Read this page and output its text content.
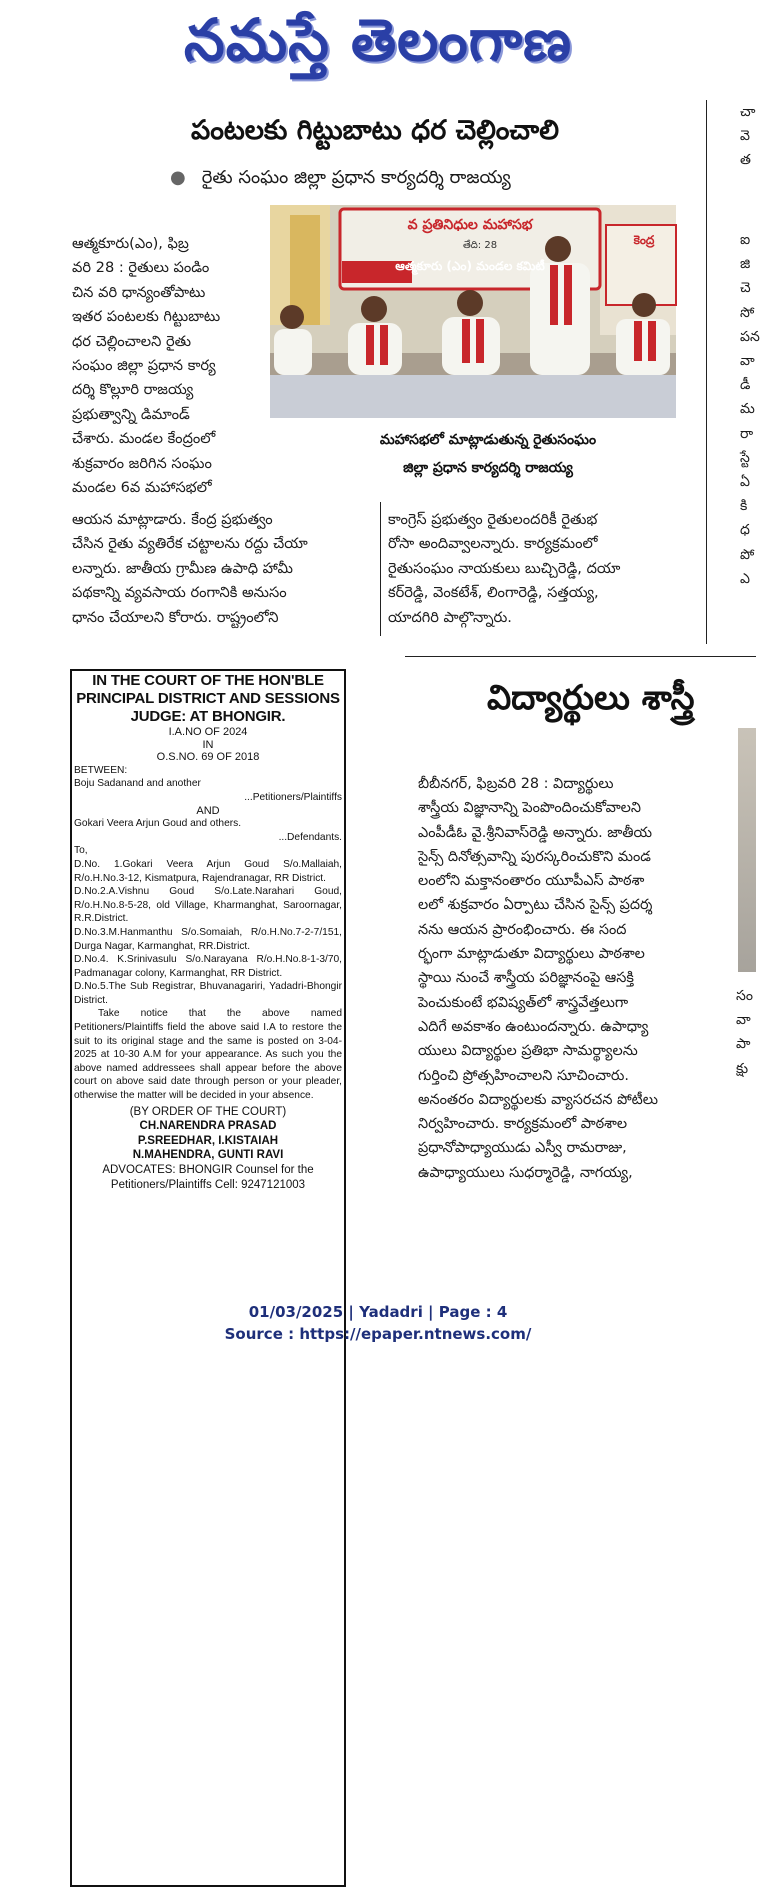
నమస్తే తెలంగాణ
పంటలకు గిట్టుబాటు ధర చెల్లించాలి
● రైతు సంఘం జిల్లా ప్రధాన కార్యదర్శి రాజయ్య
ఆత్మకూరు(ఎం), ఫిబ్ర
వరి 28 : రైతులు పండిం
చిన వరి ధాన్యంతోపాటు
ఇతర పంటలకు గిట్టుబాటు
ధర చెల్లించాలని రైతు
సంఘం జిల్లా ప్రధాన కార్య
దర్శి కొల్లూరి రాజయ్య
ప్రభుత్వాన్ని డిమాండ్
చేశారు. మండల కేంద్రంలో
శుక్రవారం జరిగిన సంఘం
మండల 6వ మహాసభలో
ఆయన మాట్లాడారు. కేంద్ర ప్రభుత్వం
చేసిన రైతు వ్యతిరేక చట్టాలను రద్దు చేయా
లన్నారు. జాతీయ గ్రామీణ ఉపాధి హామీ
పథకాన్ని వ్యవసాయ రంగానికి అనుసం
ధానం చేయాలని కోరారు. రాష్ట్రంలోని
వ ప్రతినిధుల మహాసభ
తేది: 28
ఆత్మకూరు (ఎం) మండల కమిటీ
కెంద్ర
మహాసభలో మాట్లాడుతున్న రైతుసంఘం
జిల్లా ప్రధాన కార్యదర్శి రాజయ్య
కాంగ్రెస్ ప్రభుత్వం రైతులందరికీ రైతుభ
రోసా అందివ్వాలన్నారు. కార్యక్రమంలో
రైతుసంఘం నాయకులు బుచ్చిరెడ్డి, దయా
కర్‌రెడ్డి, వెంకటేశ్, లింగారెడ్డి, సత్తయ్య,
యాదగిరి పాల్గొన్నారు.
చా
వె
త
ఐ
జి
చె
సో
పన
వా
డీ
మ
రా
స్టే
ఏ
కి
ధ
పో
ఎ
IN THE COURT OF THE HON'BLE
PRINCIPAL DISTRICT AND SESSIONS
JUDGE: AT BHONGIR.
I.A.NO OF 2024
IN
O.S.NO. 69 OF 2018
BETWEEN:
Boju Sadanand and another
...Petitioners/Plaintiffs
AND
Gokari Veera Arjun Goud and others.
...Defendants.
To,
D.No. 1.Gokari Veera Arjun Goud S/o.Mallaiah, R/o.H.No.3-12, Kismatpura, Rajendranagar, RR District.
D.No.2.A.Vishnu Goud S/o.Late.Narahari Goud, R/o.H.No.8-5-28, old Village, Kharmanghat, Saroornagar, R.R.District.
D.No.3.M.Hanmanthu S/o.Somaiah, R/o.H.No.7-2-7/151, Durga Nagar, Karmanghat, RR.District.
D.No.4. K.Srinivasulu S/o.Narayana R/o.H.No.8-1-3/70, Padmanagar colony, Karmanghat, RR District.
D.No.5.The Sub Registrar, Bhuvanagariri, Yadadri-Bhongir District.
Take notice that the above named Petitioners/Plaintiffs field the above said I.A to restore the suit to its original stage and the same is posted on 3-04-2025 at 10-30 A.M for your appearance. As such you the above named addressees shall appear before the above court on above said date through person or your pleader, otherwise the matter will be decided in your absence.
(BY ORDER OF THE COURT)
CH.NARENDRA PRASAD
P.SREEDHAR, I.KISTAIAH
N.MAHENDRA, GUNTI RAVI
ADVOCATES: BHONGIR Counsel for the Petitioners/Plaintiffs Cell: 9247121003
విద్యార్థులు శాస్త్రీ
బీబీనగర్, ఫిబ్రవరి 28 : విద్యార్థులు
శాస్త్రీయ విజ్ఞానాన్ని పెంపొందించుకోవాలని
ఎంపీడీఓ వై.శ్రీనివాస్‌రెడ్డి అన్నారు. జాతీయ
సైన్స్ దినోత్సవాన్ని పురస్కరించుకొని మండ
లంలోని మక్తానంతారం యూపీఎస్ పాఠశా
లలో శుక్రవారం ఏర్పాటు చేసిన సైన్స్ ప్రదర్శ
నను ఆయన ప్రారంభించారు. ఈ సంద
ర్భంగా మాట్లాడుతూ విద్యార్థులు పాఠశాల
స్థాయి నుంచే శాస్త్రీయ పరిజ్ఞానంపై ఆసక్తి
పెంచుకుంటే భవిష్యత్‌లో శాస్త్రవేత్తలుగా
ఎదిగే అవకాశం ఉంటుందన్నారు. ఉపాధ్యా
యులు విద్యార్థుల ప్రతిభా సామర్థ్యాలను
గుర్తించి ప్రోత్సహించాలని సూచించారు.
అనంతరం విద్యార్థులకు వ్యాసరచన పోటీలు
నిర్వహించారు. కార్యక్రమంలో పాఠశాల
ప్రధానోపాధ్యాయుడు ఎస్వీ రామరాజు,
ఉపాధ్యాయులు సుధర్మారెడ్డి, నాగయ్య,
సం
వా
పా
క్షు
01/03/2025 | Yadadri | Page : 4
Source : https://epaper.ntnews.com/
